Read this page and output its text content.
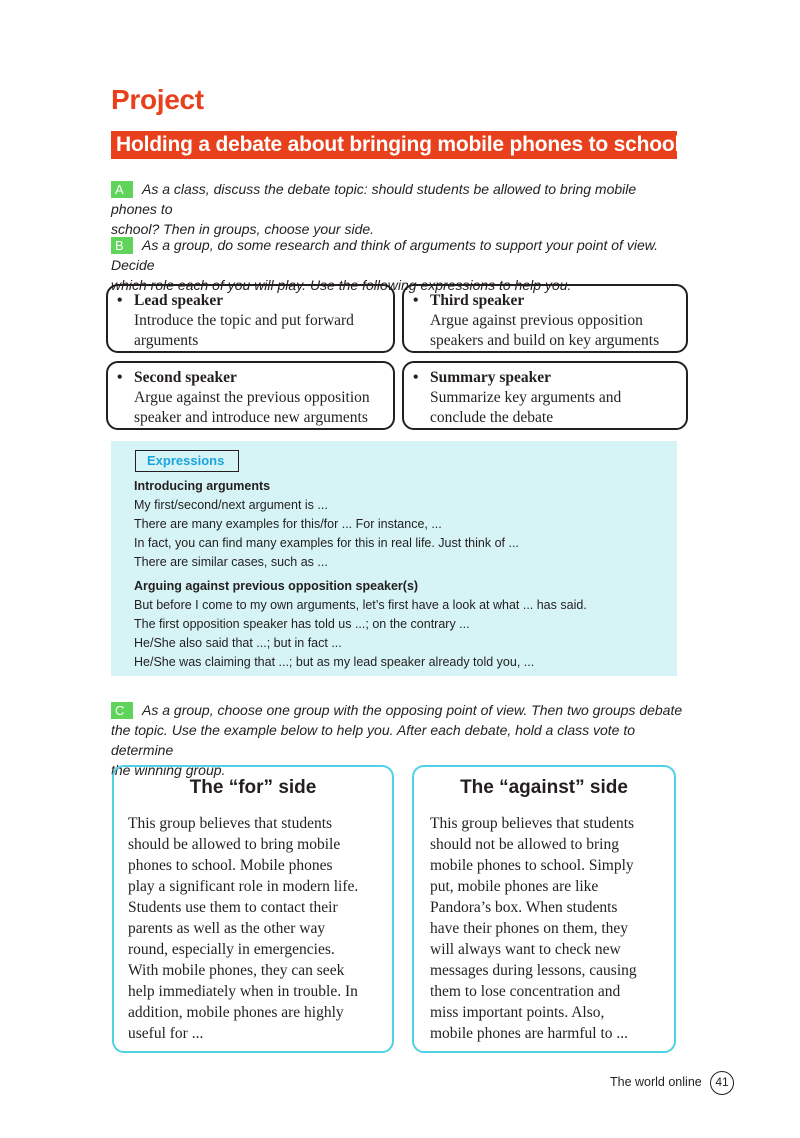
Project
Holding a debate about bringing mobile phones to school
A As a class, discuss the debate topic: should students be allowed to bring mobile phones to
school? Then in groups, choose your side.
B As a group, do some research and think of arguments to support your point of view. Decide
which role each of you will play. Use the following expressions to help you.
• Lead speaker
Introduce the topic and put forward
arguments
• Third speaker
Argue against previous opposition
speakers and build on key arguments
• Second speaker
Argue against the previous opposition
speaker and introduce new arguments
• Summary speaker
Summarize key arguments and
conclude the debate
Expressions
Introducing arguments
My first/second/next argument is ...
There are many examples for this/for ... For instance, ...
In fact, you can find many examples for this in real life. Just think of ...
There are similar cases, such as ...
Arguing against previous opposition speaker(s)
But before I come to my own arguments, let’s first have a look at what ... has said.
The first opposition speaker has told us ...; on the contrary ...
He/She also said that ...; but in fact ...
He/She was claiming that ...; but as my lead speaker already told you, ...
C As a group, choose one group with the opposing point of view. Then two groups debate
the topic. Use the example below to help you. After each debate, hold a class vote to determine
the winning group.
The “for” side
This group believes that students
should be allowed to bring mobile
phones to school. Mobile phones
play a significant role in modern life.
Students use them to contact their
parents as well as the other way
round, especially in emergencies.
With mobile phones, they can seek
help immediately when in trouble. In
addition, mobile phones are highly
useful for ...
The “against” side
This group believes that students
should not be allowed to bring
mobile phones to school. Simply
put, mobile phones are like
Pandora’s box. When students
have their phones on them, they
will always want to check new
messages during lessons, causing
them to lose concentration and
miss important points. Also,
mobile phones are harmful to ...
The world online	41
